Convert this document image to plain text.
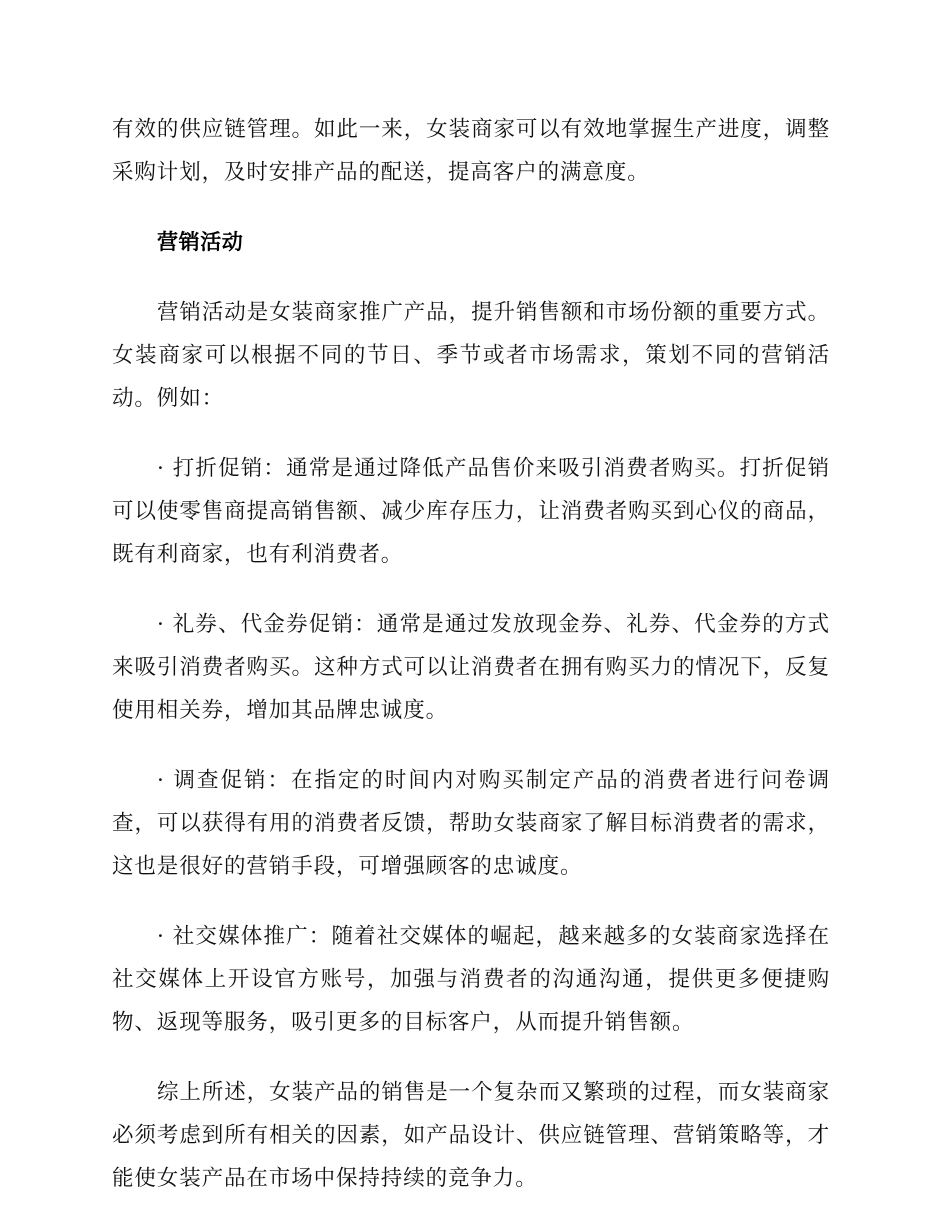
有效的供应链管理。如此一来，女装商家可以有效地掌握生产进度，调整采购计划，及时安排产品的配送，提高客户的满意度。

营销活动

营销活动是女装商家推广产品，提升销售额和市场份额的重要方式。女装商家可以根据不同的节日、季节或者市场需求，策划不同的营销活动。例如：

· 打折促销：通常是通过降低产品售价来吸引消费者购买。打折促销可以使零售商提高销售额、减少库存压力，让消费者购买到心仪的商品，既有利商家，也有利消费者。

· 礼券、代金券促销：通常是通过发放现金券、礼券、代金券的方式来吸引消费者购买。这种方式可以让消费者在拥有购买力的情况下，反复使用相关券，增加其品牌忠诚度。

· 调查促销：在指定的时间内对购买制定产品的消费者进行问卷调查，可以获得有用的消费者反馈，帮助女装商家了解目标消费者的需求，这也是很好的营销手段，可增强顾客的忠诚度。

· 社交媒体推广：随着社交媒体的崛起，越来越多的女装商家选择在社交媒体上开设官方账号，加强与消费者的沟通沟通，提供更多便捷购物、返现等服务，吸引更多的目标客户，从而提升销售额。

综上所述，女装产品的销售是一个复杂而又繁琐的过程，而女装商家必须考虑到所有相关的因素，如产品设计、供应链管理、营销策略等，才能使女装产品在市场中保持持续的竞争力。
